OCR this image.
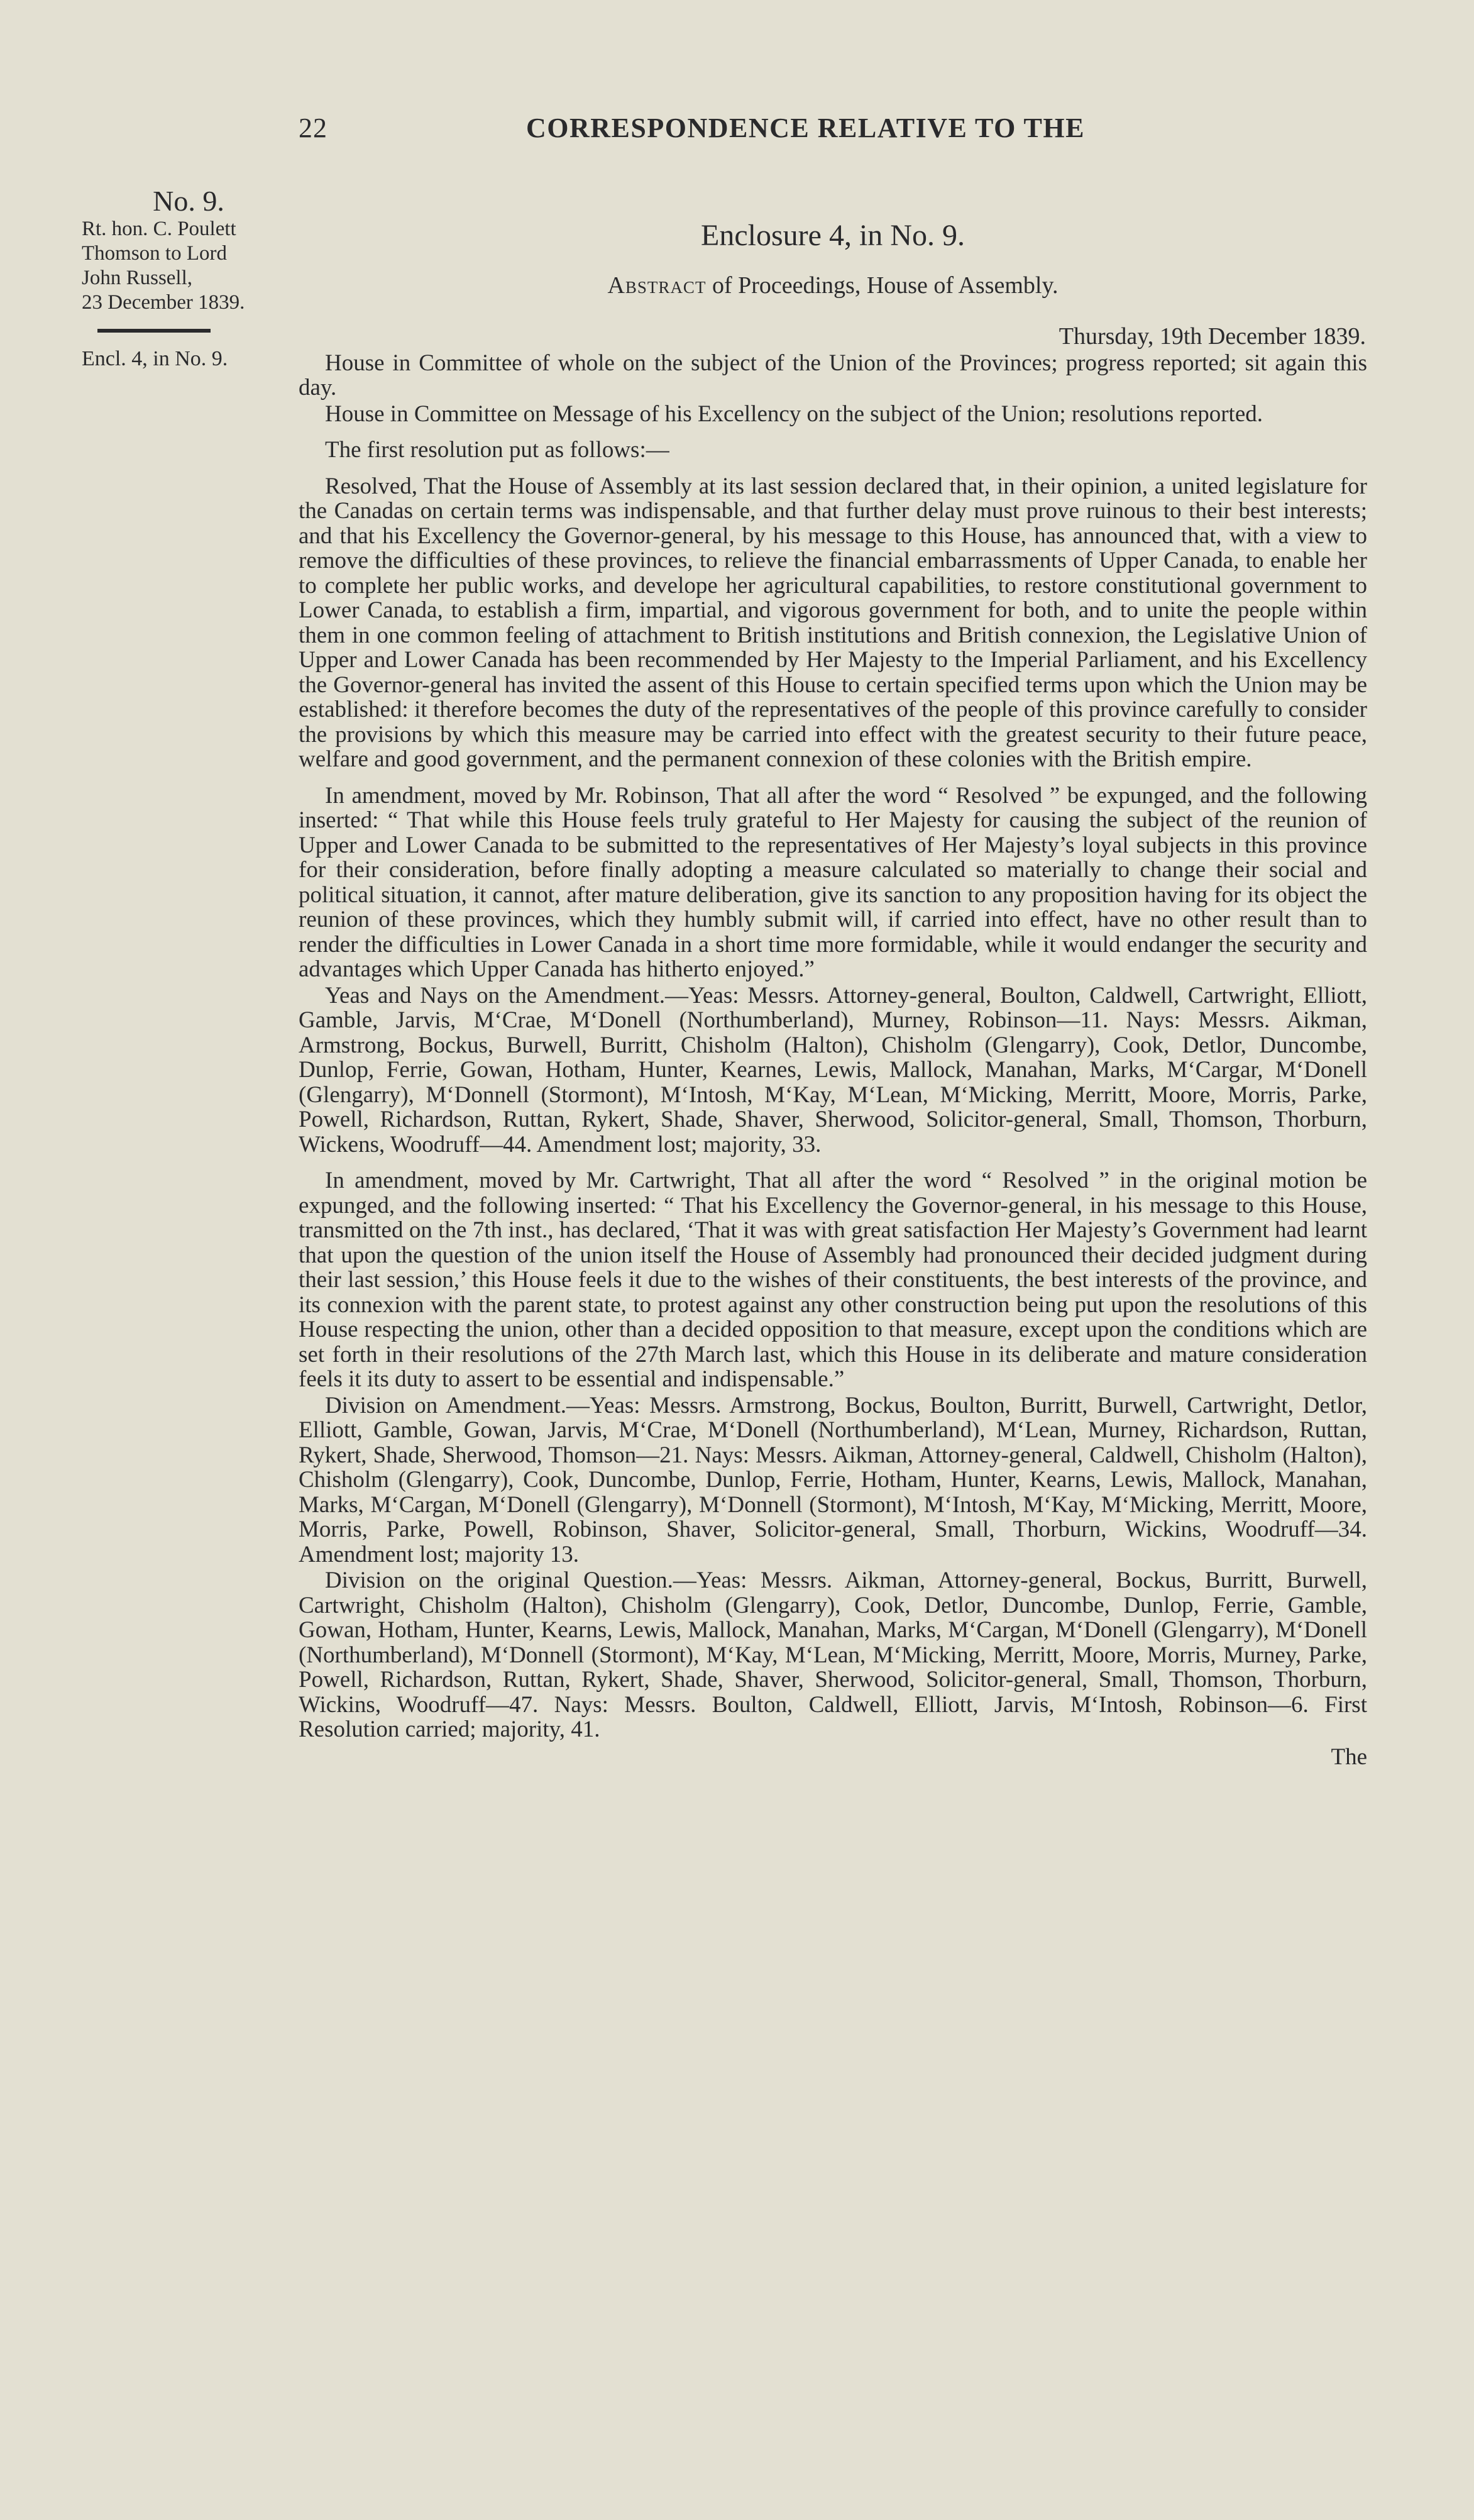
22	CORRESPONDENCE RELATIVE TO THE
No. 9.
Rt. hon. C. Poulett
Thomson to Lord
John Russell,
23 December 1839.
Encl. 4, in No. 9.
Enclosure 4, in No. 9.
Abstract of Proceedings, House of Assembly.
Thursday, 19th December 1839.

House in Committee of whole on the subject of the Union of the Provinces; progress reported; sit again this day.

House in Committee on Message of his Excellency on the subject of the Union; resolutions reported.

The first resolution put as follows:—

Resolved, That the House of Assembly at its last session declared that, in their opinion, a united legislature for the Canadas on certain terms was indispensable, and that further delay must prove ruinous to their best interests; and that his Excellency the Governor-general, by his message to this House, has announced that, with a view to remove the difficulties of these provinces, to relieve the financial embarrassments of Upper Canada, to enable her to complete her public works, and develope her agricultural capabilities, to restore constitutional government to Lower Canada, to establish a firm, impartial, and vigorous government for both, and to unite the people within them in one common feeling of attachment to British institutions and British connexion, the Legislative Union of Upper and Lower Canada has been recommended by Her Majesty to the Imperial Parliament, and his Excellency the Governor-general has invited the assent of this House to certain specified terms upon which the Union may be established: it therefore becomes the duty of the representatives of the people of this province carefully to consider the provisions by which this measure may be carried into effect with the greatest security to their future peace, welfare and good government, and the permanent connexion of these colonies with the British empire.

In amendment, moved by Mr. Robinson, That all after the word “ Resolved ” be expunged, and the following inserted: “ That while this House feels truly grateful to Her Majesty for causing the subject of the reunion of Upper and Lower Canada to be submitted to the representatives of Her Majesty’s loyal subjects in this province for their consideration, before finally adopting a measure calculated so materially to change their social and political situation, it cannot, after mature deliberation, give its sanction to any proposition having for its object the reunion of these provinces, which they humbly submit will, if carried into effect, have no other result than to render the difficulties in Lower Canada in a short time more formidable, while it would endanger the security and advantages which Upper Canada has hitherto enjoyed.”

Yeas and Nays on the Amendment.—Yeas: Messrs. Attorney-general, Boulton, Caldwell, Cartwright, Elliott, Gamble, Jarvis, M‘Crae, M‘Donell (Northumberland), Murney, Robinson—11. Nays: Messrs. Aikman, Armstrong, Bockus, Burwell, Burritt, Chisholm (Halton), Chisholm (Glengarry), Cook, Detlor, Duncombe, Dunlop, Ferrie, Gowan, Hotham, Hunter, Kearnes, Lewis, Mallock, Manahan, Marks, M‘Cargar, M‘Donell (Glengarry), M‘Donnell (Stormont), M‘Intosh, M‘Kay, M‘Lean, M‘Micking, Merritt, Moore, Morris, Parke, Powell, Richardson, Ruttan, Rykert, Shade, Shaver, Sherwood, Solicitor-general, Small, Thomson, Thorburn, Wickens, Woodruff—44. Amendment lost; majority, 33.

In amendment, moved by Mr. Cartwright, That all after the word “ Resolved ” in the original motion be expunged, and the following inserted: “ That his Excellency the Governor-general, in his message to this House, transmitted on the 7th inst., has declared, ‘That it was with great satisfaction Her Majesty’s Government had learnt that upon the question of the union itself the House of Assembly had pronounced their decided judgment during their last session,’ this House feels it due to the wishes of their constituents, the best interests of the province, and its connexion with the parent state, to protest against any other construction being put upon the resolutions of this House respecting the union, other than a decided opposition to that measure, except upon the conditions which are set forth in their resolutions of the 27th March last, which this House in its deliberate and mature consideration feels it its duty to assert to be essential and indispensable.”

Division on Amendment.—Yeas: Messrs. Armstrong, Bockus, Boulton, Burritt, Burwell, Cartwright, Detlor, Elliott, Gamble, Gowan, Jarvis, M‘Crae, M‘Donell (Northumberland), M‘Lean, Murney, Richardson, Ruttan, Rykert, Shade, Sherwood, Thomson—21. Nays: Messrs. Aikman, Attorney-general, Caldwell, Chisholm (Halton), Chisholm (Glengarry), Cook, Duncombe, Dunlop, Ferrie, Hotham, Hunter, Kearns, Lewis, Mallock, Manahan, Marks, M‘Cargan, M‘Donell (Glengarry), M‘Donnell (Stormont), M‘Intosh, M‘Kay, M‘Micking, Merritt, Moore, Morris, Parke, Powell, Robinson, Shaver, Solicitor-general, Small, Thorburn, Wickins, Woodruff—34. Amendment lost; majority 13.

Division on the original Question.—Yeas: Messrs. Aikman, Attorney-general, Bockus, Burritt, Burwell, Cartwright, Chisholm (Halton), Chisholm (Glengarry), Cook, Detlor, Duncombe, Dunlop, Ferrie, Gamble, Gowan, Hotham, Hunter, Kearns, Lewis, Mallock, Manahan, Marks, M‘Cargan, M‘Donell (Glengarry), M‘Donell (Northumberland), M‘Donnell (Stormont), M‘Kay, M‘Lean, M‘Micking, Merritt, Moore, Morris, Murney, Parke, Powell, Richardson, Ruttan, Rykert, Shade, Shaver, Sherwood, Solicitor-general, Small, Thomson, Thorburn, Wickins, Woodruff—47. Nays: Messrs. Boulton, Caldwell, Elliott, Jarvis, M‘Intosh, Robinson—6. First Resolution carried; majority, 41.

The
